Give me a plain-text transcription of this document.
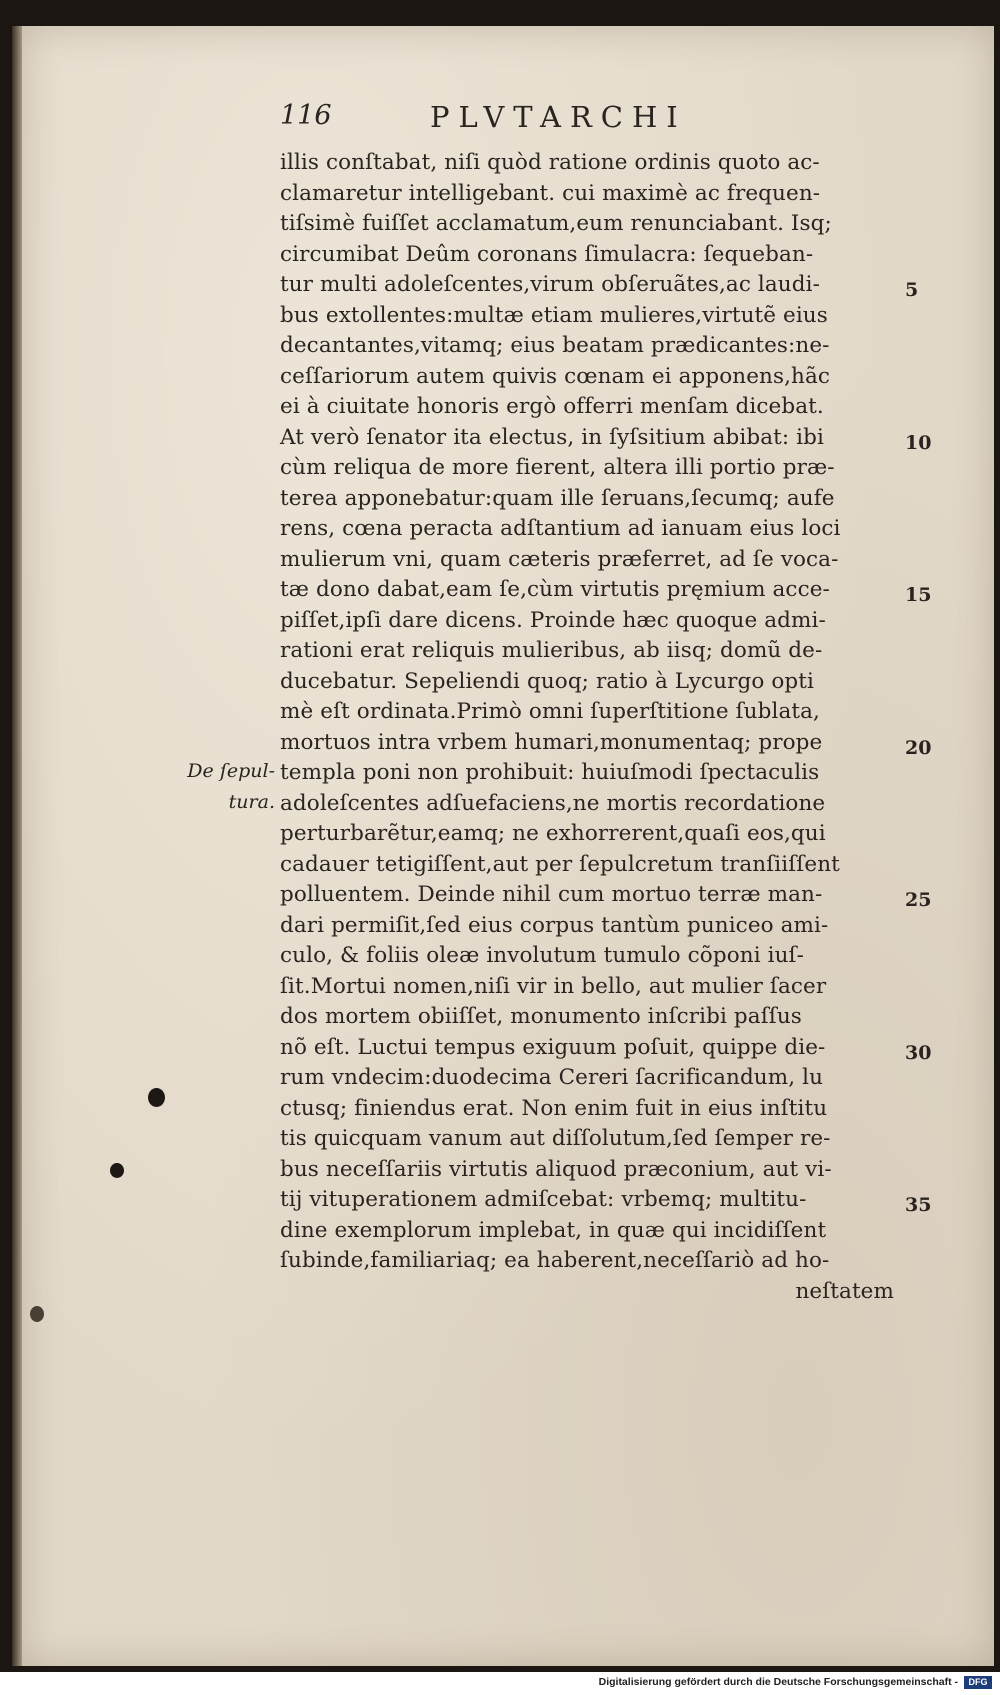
116	PLVTARCHI
illis conſtabat, niſi quòd ratione ordinis quoto ac-
clamaretur intelligebant. cui maximè ac frequen-
tiſsimè fuiſſet acclamatum,eum renunciabant. Isq;
circumibat Deûm coronans ſimulacra: ſequeban-
tur multi adoleſcentes,virum obſeruãtes,ac laudi-
bus extollentes:multæ etiam mulieres,virtutẽ eius
decantantes,vitamq; eius beatam prædicantes:ne-
ceſſariorum autem quivis cœnam ei apponens,hãc
ei à ciuitate honoris ergò offerri menſam dicebat.
At verò ſenator ita electus, in ſyſsitium abibat: ibi
cùm reliqua de more fierent, altera illi portio præ-
terea apponebatur:quam ille ſeruans,ſecumq; aufe
rens, cœna peracta adſtantium ad ianuam eius loci
mulierum vni, quam cæteris præferret, ad ſe voca-
tæ dono dabat,eam ſe,cùm virtutis pręmium acce-
piſſet,ipſi dare dicens. Proinde hæc quoque admi-
rationi erat reliquis mulieribus, ab iisq; domũ de-
ducebatur. Sepeliendi quoq; ratio à Lycurgo opti
mè eſt ordinata.Primò omni ſuperſtitione ſublata,
mortuos intra vrbem humari,monumentaq; prope
templa poni non prohibuit: huiuſmodi ſpectaculis
adoleſcentes adſuefaciens,ne mortis recordatione
perturbarẽtur,eamq; ne exhorrerent,quaſi eos,qui
cadauer tetigiſſent,aut per ſepulcretum tranſiiſſent
polluentem. Deinde nihil cum mortuo terræ man-
dari permiſit,ſed eius corpus tantùm puniceo ami-
culo, & foliis oleæ involutum tumulo cõponi iuſ-
ſit.Mortui nomen,niſi vir in bello, aut mulier ſacer
dos mortem obiiſſet, monumento inſcribi paſſus
nõ eſt. Luctui tempus exiguum poſuit, quippe die-
rum vndecim:duodecima Cereri ſacrificandum, lu
ctusq; finiendus erat. Non enim fuit in eius inſtitu
tis quicquam vanum aut diſſolutum,ſed ſemper re-
bus neceſſariis virtutis aliquod præconium, aut vi-
tij vituperationem admiſcebat: vrbemq; multitu-
dine exemplorum implebat, in quæ qui incidiſſent
ſubinde,familiariaq; ea haberent,neceſſariò ad ho-
neſtatem
De ſepul-
tura.
5
10
15
20
25
30
35
Digitalisierung gefördert durch die Deutsche Forschungsgemeinschaft -	DFG
